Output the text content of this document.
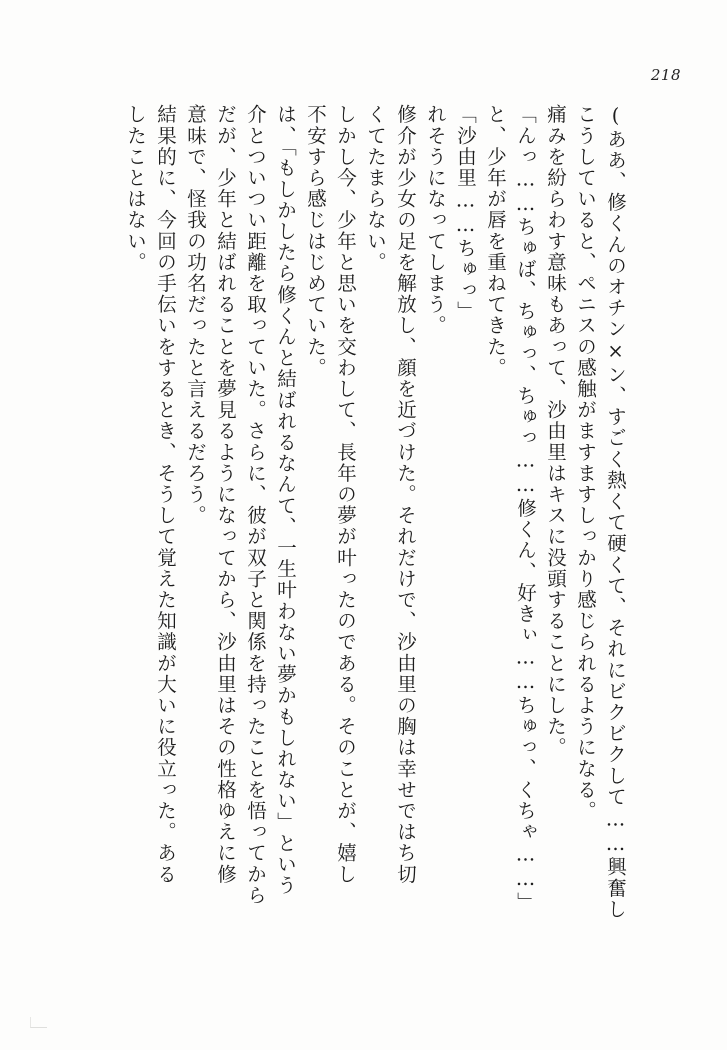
218
したことはない。 結果的に、今回の手伝いをするとき、そうして覚えた知識が大いに役立った。ある 意味で、怪我の功名だったと言えるだろう。 だが、少年と結ばれることを夢見るようになってから、沙由里はその性格ゆえに修 介とついつい距離を取っていた。さらに、彼が双子と関係を持ったことを悟ってから は、「もしかしたら修くんと結ばれるなんて、一生叶わない夢かもしれない」という 不安すら感じはじめていた。 しかし今、少年と思いを交わして、長年の夢が叶ったのである。そのことが、嬉し くてたまらない。 修介が少女の足を解放し、顔を近づけた。それだけで、沙由里の胸は幸せではち切 れそうになってしまう。 「沙由里……ちゅっ」 と、少年が唇を重ねてきた。 「んっ……ちゅば、ちゅっ、ちゅっ……修くん、好きぃ……ちゅっ、くちゃ……」 痛みを紛らわす意味もあって、沙由里はキスに没頭することにした。 こうしていると、ペニスの感触がますますしっかり感じられるようになる。 (ああ、修くんのオチン×ン、すごく熱くて硬くて、それにビクビクして……興奮し
